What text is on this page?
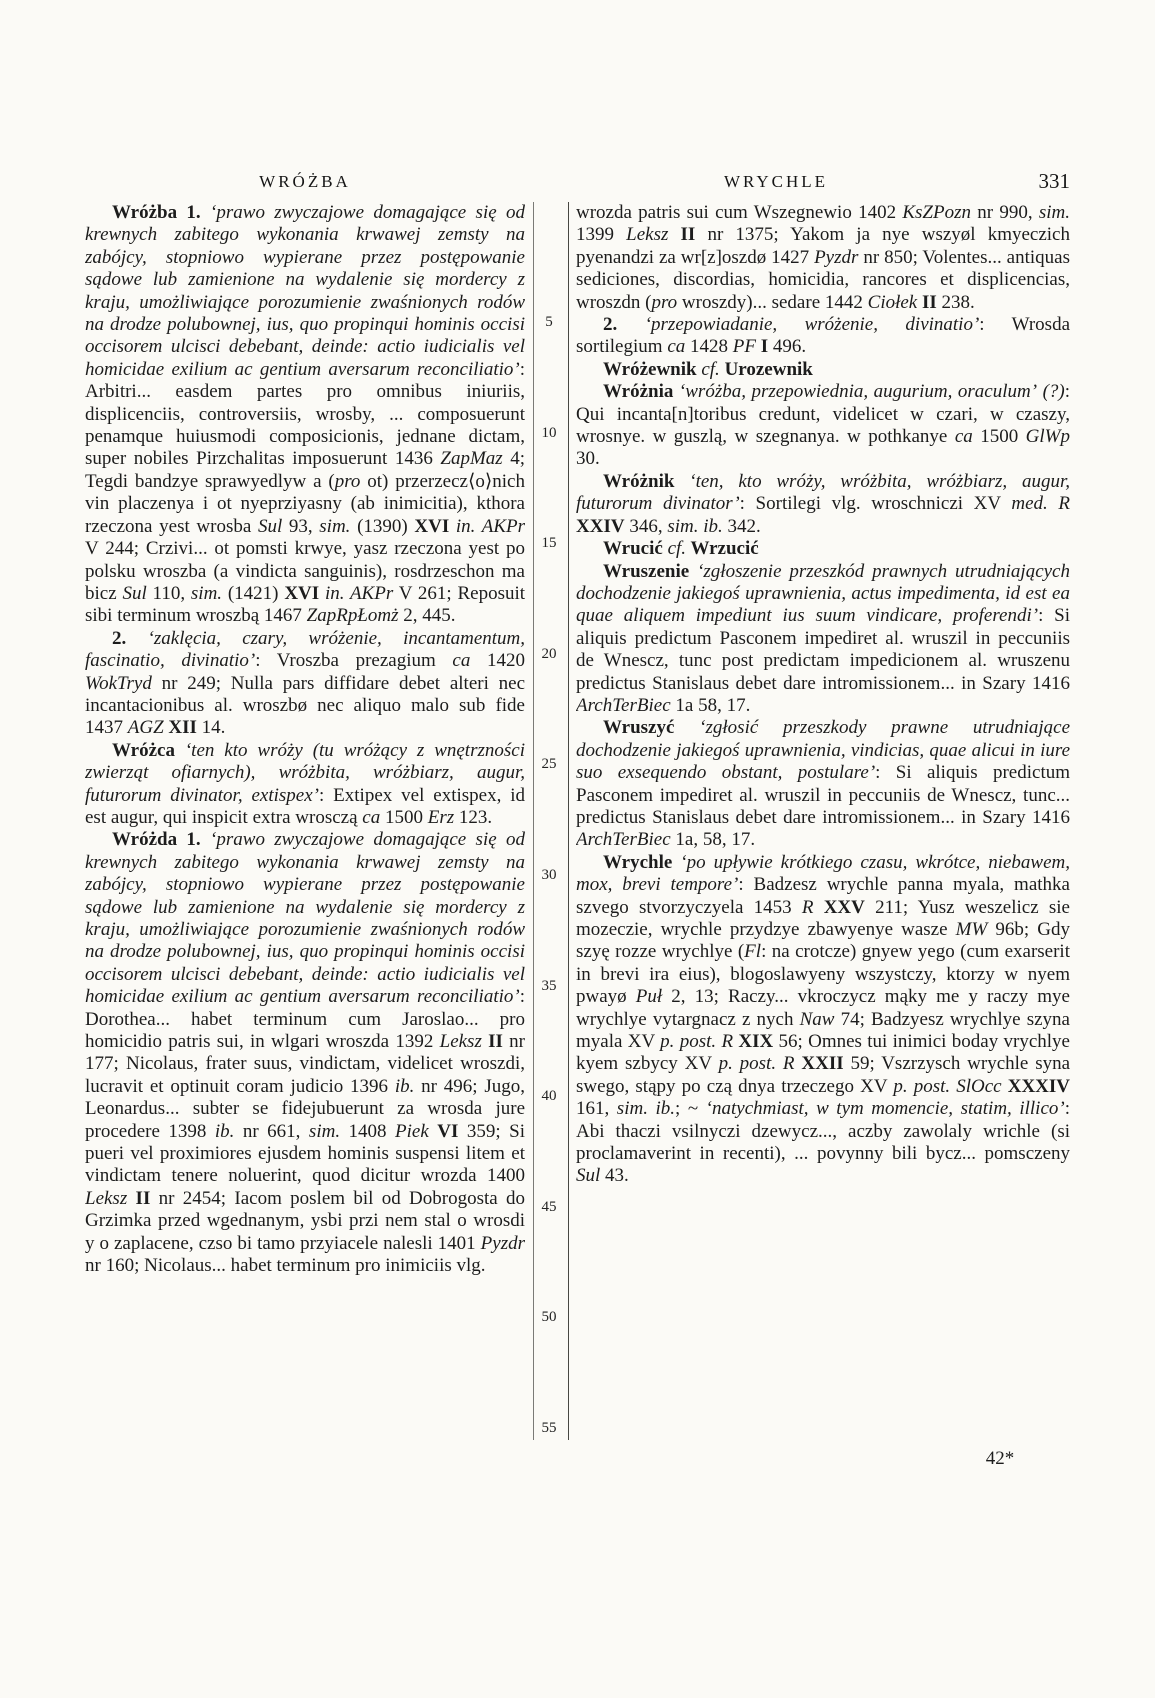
WRÓŻBA	WRYCHLE	331

Wróżba 1. ‘prawo zwyczajowe domagające się od krewnych zabitego wykonania krwawej zemsty na zabójcy, stopniowo wypierane przez postępowanie sądowe lub zamienione na wydalenie się mordercy z kraju, umożliwiające porozumienie zwaśnionych rodów na drodze polubownej, ius, quo propinqui hominis occisi occisorem ulcisci debebant, deinde: actio iudicialis vel homicidae exilium ac gentium aversarum reconciliatio’: Arbitri... easdem partes pro omnibus iniuriis, displicenciis, controversiis, wrosby, ... composuerunt penamque huiusmodi composicionis, jednane dictam, super nobiles Pirzchalitas imposuerunt 1436 ZapMaz 4; Tegdi bandzye sprawyedlyw a (pro ot) przerzecz⟨o⟩nich vin placzenya i ot nyeprziyasny (ab inimicitia), kthora rzeczona yest wrosba Sul 93, sim. (1390) XVI in. AKPr V 244; Crzivi... ot pomsti krwye, yasz rzeczona yest po polsku wroszba (a vindicta sanguinis), rosdrzeschon ma bicz Sul 110, sim. (1421) XVI in. AKPr V 261; Reposuit sibi terminum wroszbą 1467 ZapRpŁomż 2, 445.

2. ‘zaklęcia, czary, wróżenie, incantamentum, fascinatio, divinatio’: Vroszba prezagium ca 1420 WokTryd nr 249; Nulla pars diffidare debet alteri nec incantacionibus al. wroszbø nec aliquo malo sub fide 1437 AGZ XII 14.

Wróżca ‘ten kto wróży (tu wróżący z wnętrzności zwierząt ofiarnych), wróżbita, wróżbiarz, augur, futurorum divinator, extispex’: Extipex vel extispex, id est augur, qui inspicit extra wrosczą ca 1500 Erz 123.

Wróżda 1. ‘prawo zwyczajowe domagające się od krewnych zabitego wykonania krwawej zemsty na zabójcy, stopniowo wypierane przez postępowanie sądowe lub zamienione na wydalenie się mordercy z kraju, umożliwiające porozumienie zwaśnionych rodów na drodze polubownej, ius, quo propinqui hominis occisi occisorem ulcisci debebant, deinde: actio iudicialis vel homicidae exilium ac gentium aversarum reconciliatio’: Dorothea... habet terminum cum Jaroslao... pro homicidio patris sui, in wlgari wroszda 1392 Leksz II nr 177; Nicolaus, frater suus, vindictam, videlicet wroszdi, lucravit et optinuit coram judicio 1396 ib. nr 496; Jugo, Leonardus... subter se fidejubuerunt za wrosda jure procedere 1398 ib. nr 661, sim. 1408 Piek VI 359; Si pueri vel proximiores ejusdem hominis suspensi litem et vindictam tenere noluerint, quod dicitur wrozda 1400 Leksz II nr 2454; Iacom poslem bil od Dobrogosta do Grzimka przed wgednanym, ysbi przi nem stal o wrosdi y o zaplacene, czso bi tamo przyiacele nalesli 1401 Pyzdr nr 160; Nicolaus... habet terminum pro inimiciis vlg.

5
10
15
20
25
30
35
40
45
50
55

wrozda patris sui cum Wszegnewio 1402 KsZPozn nr 990, sim. 1399 Leksz II nr 1375; Yakom ja nye wszyøl kmyeczich pyenandzi za wr[z]oszdø 1427 Pyzdr nr 850; Volentes... antiquas sediciones, discordias, homicidia, rancores et displicencias, wroszdn (pro wroszdy)... sedare 1442 Ciołek II 238.

2. ‘przepowiadanie, wróżenie, divinatio’: Wrosda sortilegium ca 1428 PF I 496.

Wróżewnik cf. Urozewnik

Wróżnia ‘wróżba, przepowiednia, augurium, oraculum’ (?): Qui incanta[n]toribus credunt, videlicet w czari, w czaszy, wrosnye. w guszlą, w szegnanya. w pothkanye ca 1500 GlWp 30.

Wróżnik ‘ten, kto wróży, wróżbita, wróżbiarz, augur, futurorum divinator’: Sortilegi vlg. wroschniczi XV med. R XXIV 346, sim. ib. 342.

Wrucić cf. Wrzucić

Wruszenie ‘zgłoszenie przeszkód prawnych utrudniających dochodzenie jakiegoś uprawnienia, actus impedimenta, id est ea quae aliquem impediunt ius suum vindicare, proferendi’: Si aliquis predictum Pasconem impediret al. wruszil in peccuniis de Wnescz, tunc post predictam impedicionem al. wruszenu predictus Stanislaus debet dare intromissionem... in Szary 1416 ArchTerBiec 1a 58, 17.

Wruszyć ‘zgłosić przeszkody prawne utrudniające dochodzenie jakiegoś uprawnienia, vindicias, quae alicui in iure suo exsequendo obstant, postulare’: Si aliquis predictum Pasconem impediret al. wruszil in peccuniis de Wnescz, tunc... predictus Stanislaus debet dare intromissionem... in Szary 1416 ArchTerBiec 1a, 58, 17.

Wrychle ‘po upływie krótkiego czasu, wkrótce, niebawem, mox, brevi tempore’: Badzesz wrychle panna myala, mathka szvego stvorzyczyela 1453 R XXV 211; Yusz weszelicz sie mozeczie, wrychle przydzye zbawyenye wasze MW 96b; Gdy szyę rozze wrychlye (Fl: na crotcze) gnyew yego (cum exarserit in brevi ira eius), blogoslawyeny wszystczy, ktorzy w nyem pwayø Puł 2, 13; Raczy... vkroczycz mąky me y raczy mye wrychlye vytargnacz z nych Naw 74; Badzyesz wrychlye szyna myala XV p. post. R XIX 56; Omnes tui inimici boday vrychlye kyem szbycy XV p. post. R XXII 59; Vszrzysch wrychle syna swego, stąpy po czą dnya trzeczego XV p. post. SlOcc XXXIV 161, sim. ib.; ~ ‘natychmiast, w tym momencie, statim, illico’: Abi thaczi vsilnyczi dzewycz..., aczby zawolaly wrichle (si proclamaverint in recenti), ... povynny bili bycz... pomsczeny Sul 43.

42*
